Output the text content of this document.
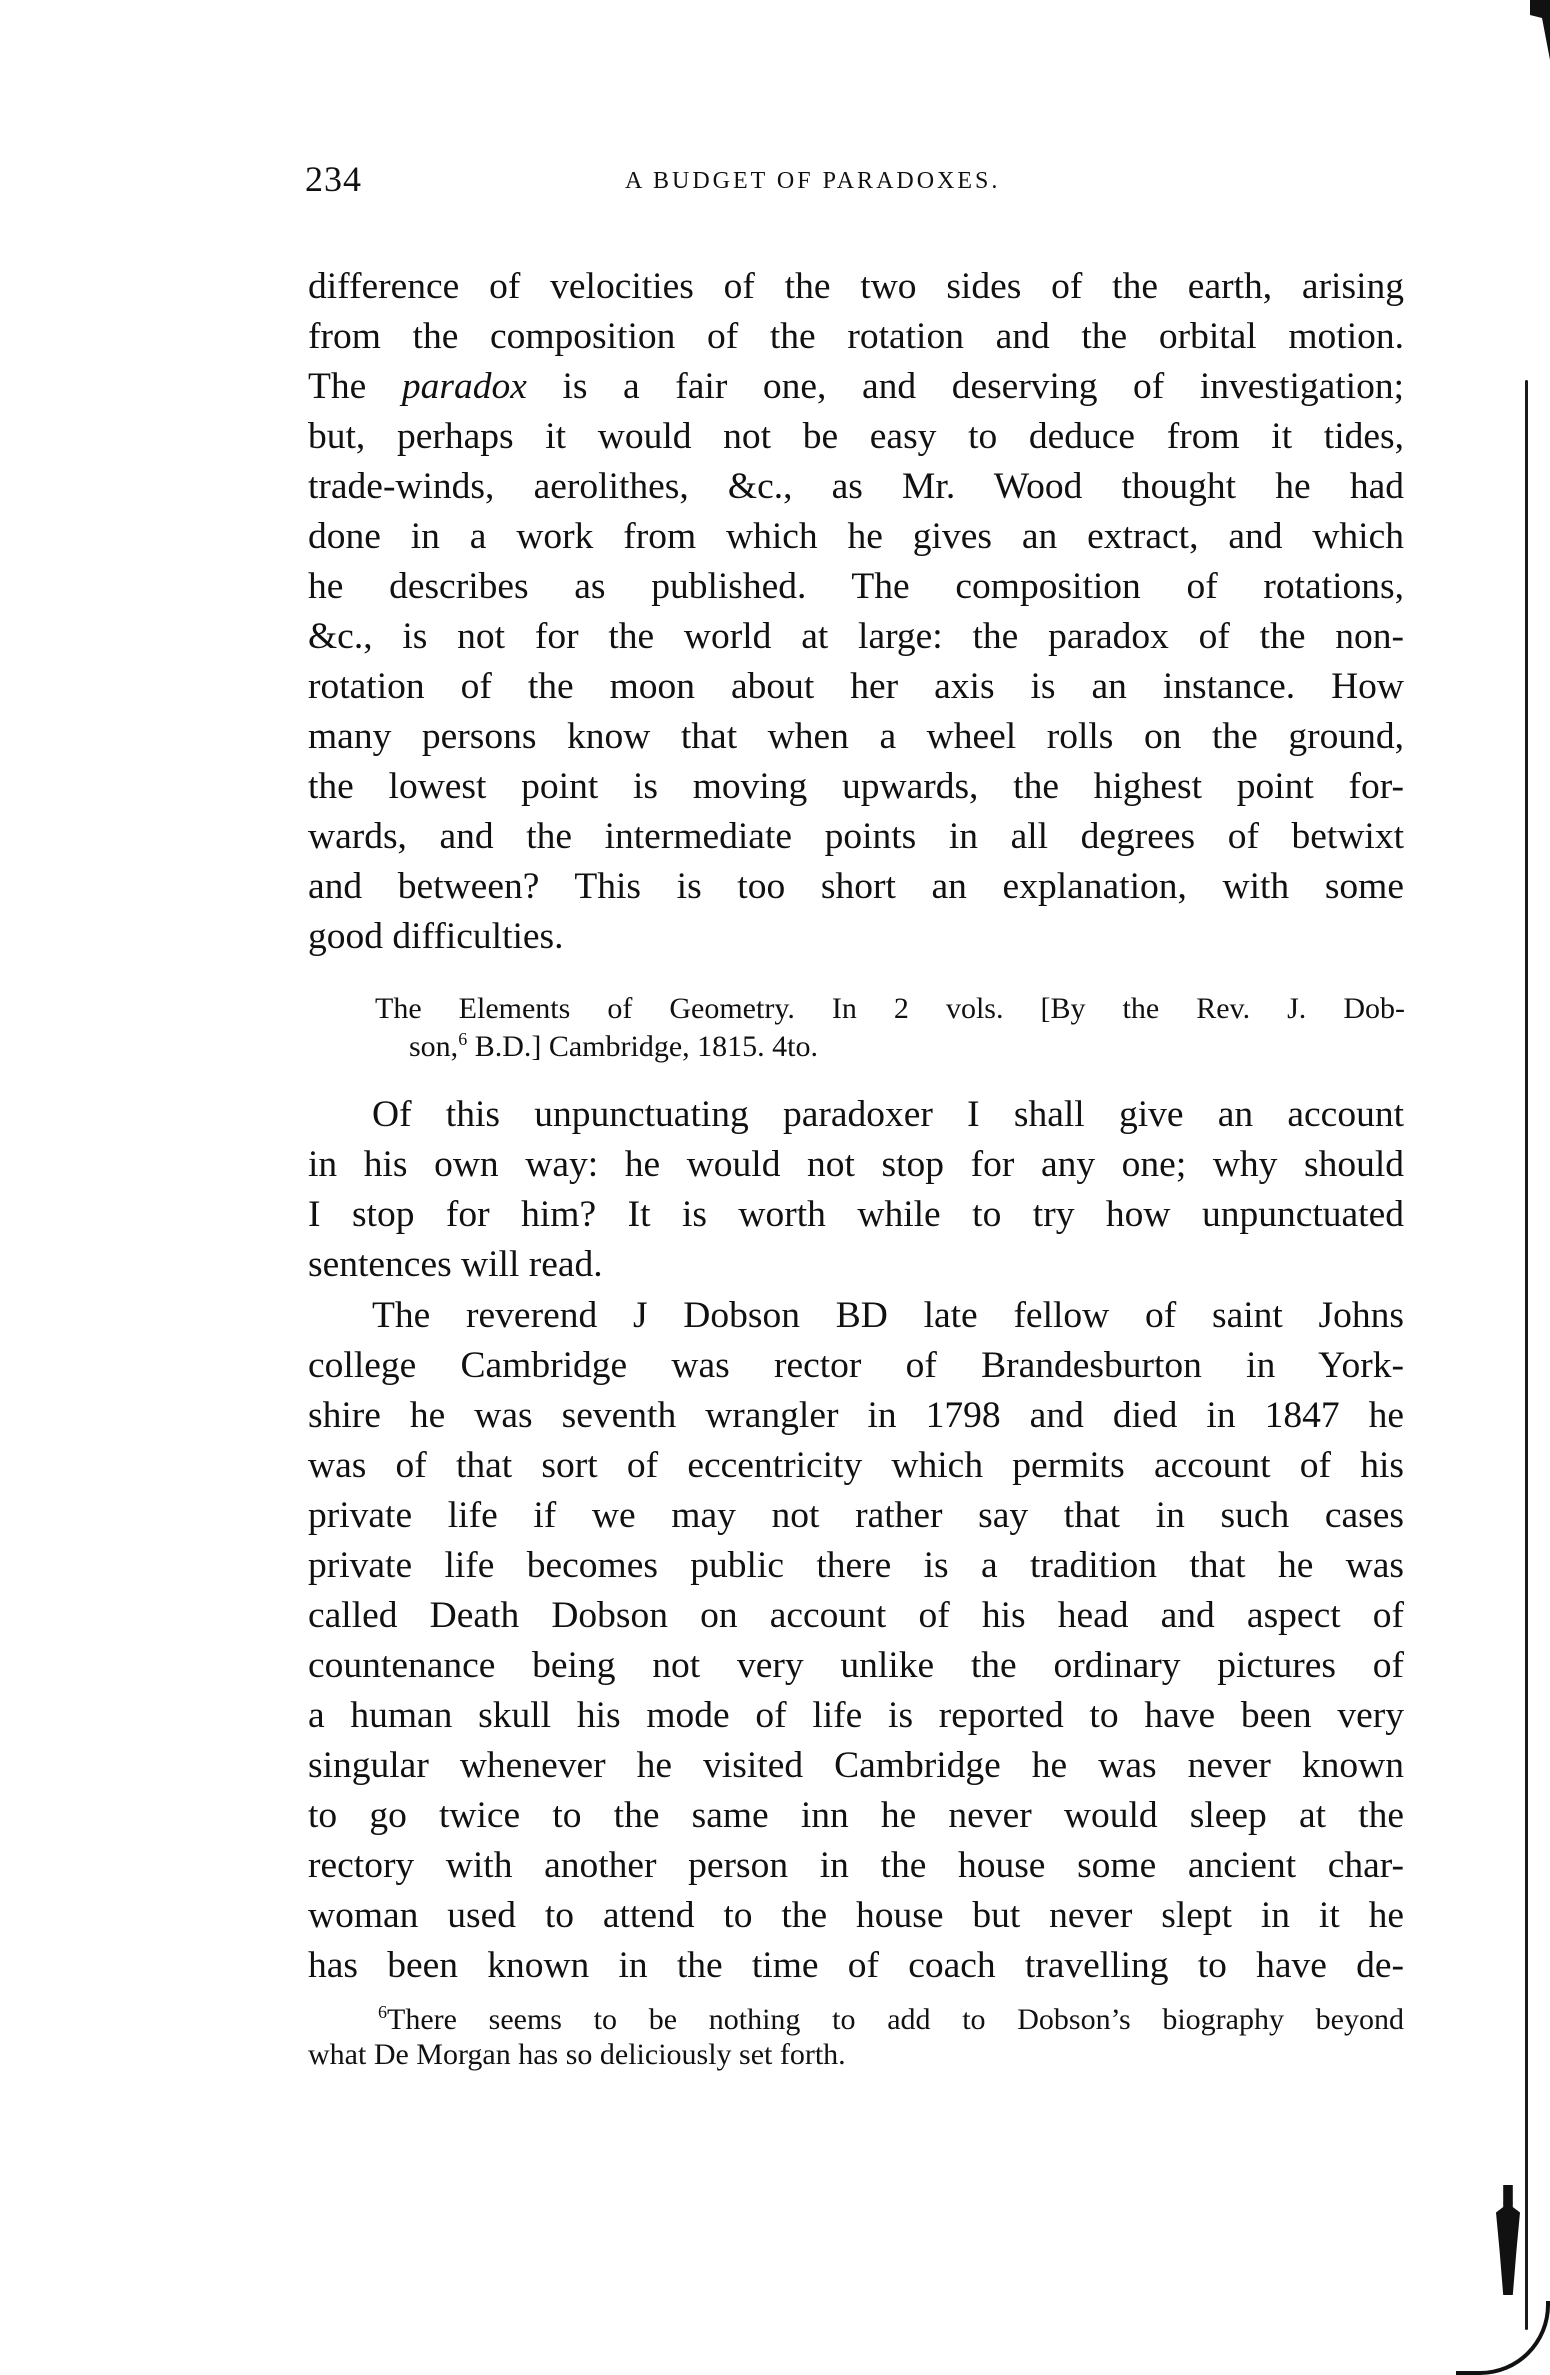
234	A BUDGET OF PARADOXES.
difference of velocities of the two sides of the earth, arising
from the composition of the rotation and the orbital motion.
The paradox is a fair one, and deserving of investigation;
but, perhaps it would not be easy to deduce from it tides,
trade-winds, aerolithes, &c., as Mr. Wood thought he had
done in a work from which he gives an extract, and which
he describes as published. The composition of rotations,
&c., is not for the world at large: the paradox of the non-
rotation of the moon about her axis is an instance. How
many persons know that when a wheel rolls on the ground,
the lowest point is moving upwards, the highest point for-
wards, and the intermediate points in all degrees of betwixt
and between? This is too short an explanation, with some
good difficulties.
The Elements of Geometry. In 2 vols. [By the Rev. J. Dob-
son,$^6$ B.D.] Cambridge, 1815. 4to.
Of this unpunctuating paradoxer I shall give an account
in his own way: he would not stop for any one; why should
I stop for him? It is worth while to try how unpunctuated
sentences will read.
The reverend J Dobson BD late fellow of saint Johns
college Cambridge was rector of Brandesburton in York-
shire he was seventh wrangler in 1798 and died in 1847 he
was of that sort of eccentricity which permits account of his
private life if we may not rather say that in such cases
private life becomes public there is a tradition that he was
called Death Dobson on account of his head and aspect of
countenance being not very unlike the ordinary pictures of
a human skull his mode of life is reported to have been very
singular whenever he visited Cambridge he was never known
to go twice to the same inn he never would sleep at the
rectory with another person in the house some ancient char-
woman used to attend to the house but never slept in it he
has been known in the time of coach travelling to have de-
$^6$There seems to be nothing to add to Dobson’s biography beyond
what De Morgan has so deliciously set forth.
